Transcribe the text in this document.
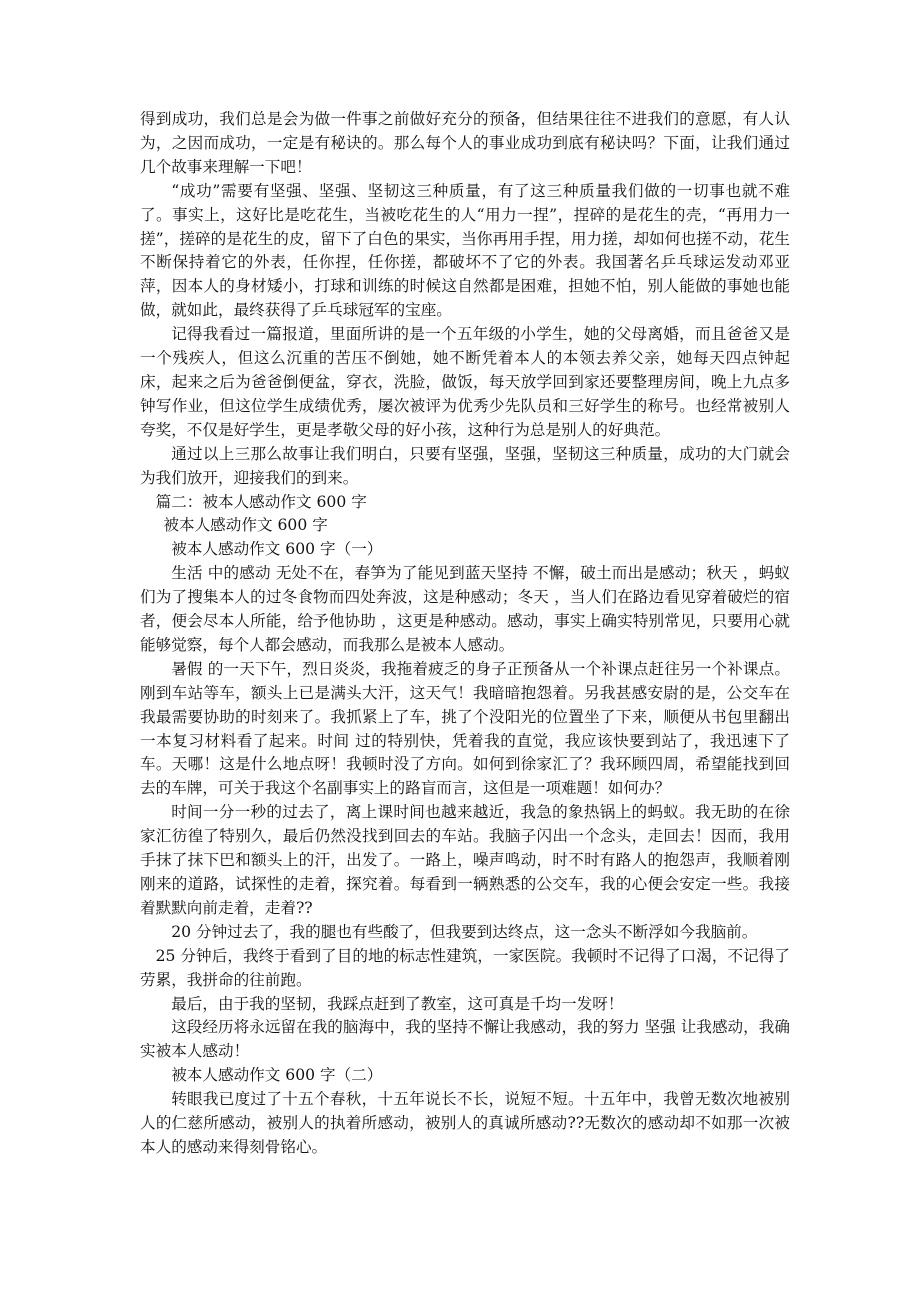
得到成功，我们总是会为做一件事之前做好充分的预备，但结果往往不进我们的意愿，有人认为，之因而成功，一定是有秘诀的。那么每个人的事业成功到底有秘诀吗？下面，让我们通过几个故事来理解一下吧！

“成功”需要有坚强、坚强、坚韧这三种质量，有了这三种质量我们做的一切事也就不难了。事实上，这好比是吃花生，当被吃花生的人“用力一捏”，捏碎的是花生的壳，“再用力一搓”，搓碎的是花生的皮，留下了白色的果实，当你再用手捏，用力搓，却如何也搓不动，花生不断保持着它的外表，任你捏，任你搓，都破坏不了它的外表。我国著名乒乓球运发动邓亚萍，因本人的身材矮小，打球和训练的时候这自然都是困难，担她不怕，别人能做的事她也能做，就如此，最终获得了乒乓球冠军的宝座。

记得我看过一篇报道，里面所讲的是一个五年级的小学生，她的父母离婚，而且爸爸又是一个残疾人，但这么沉重的苦压不倒她，她不断凭着本人的本领去养父亲，她每天四点钟起床，起来之后为爸爸倒便盆，穿衣，洗脸，做饭，每天放学回到家还要整理房间，晚上九点多钟写作业，但这位学生成绩优秀，屡次被评为优秀少先队员和三好学生的称号。也经常被别人夸奖，不仅是好学生，更是孝敬父母的好小孩，这种行为总是别人的好典范。

通过以上三那么故事让我们明白，只要有坚强，坚强，坚韧这三种质量，成功的大门就会为我们放开，迎接我们的到来。

篇二：被本人感动作文 600 字

被本人感动作文 600 字

被本人感动作文 600 字（一）

生活 中的感动 无处不在，春笋为了能见到蓝天坚持 不懈，破土而出是感动；秋天 ，蚂蚁们为了搜集本人的过冬食物而四处奔波，这是种感动；冬天 ，当人们在路边看见穿着破烂的宿者，便会尽本人所能，给予他协助 ，这更是种感动。感动，事实上确实特别常见，只要用心就能够觉察，每个人都会感动，而我那么是被本人感动。

暑假 的一天下午，烈日炎炎，我拖着疲乏的身子正预备从一个补课点赶往另一个补课点。刚到车站等车，额头上已是满头大汗，这天气！我暗暗抱怨着。另我甚感安尉的是，公交车在我最需要协助的时刻来了。我抓紧上了车，挑了个没阳光的位置坐了下来，顺便从书包里翻出一本复习材料看了起来。时间 过的特别快，凭着我的直觉，我应该快要到站了，我迅速下了车。天哪！这是什么地点呀！我顿时没了方向。如何到徐家汇了？我环顾四周，希望能找到回去的车牌，可关于我这个名副事实上的路盲而言，这但是一项难题！如何办？

时间一分一秒的过去了，离上课时间也越来越近，我急的象热锅上的蚂蚁。我无助的在徐家汇彷徨了特别久，最后仍然没找到回去的车站。我脑子闪出一个念头，走回去！因而，我用手抹了抹下巴和额头上的汗，出发了。一路上，噪声鸣动，时不时有路人的抱怨声，我顺着刚刚来的道路，试探性的走着，探究着。每看到一辆熟悉的公交车，我的心便会安定一些。我接着默默向前走着，走着??

20 分钟过去了，我的腿也有些酸了，但我要到达终点，这一念头不断浮如今我脑前。

25 分钟后，我终于看到了目的地的标志性建筑，一家医院。我顿时不记得了口渴，不记得了劳累，我拼命的往前跑。

最后，由于我的坚韧，我踩点赶到了教室，这可真是千均一发呀！

这段经历将永远留在我的脑海中，我的坚持不懈让我感动，我的努力 坚强 让我感动，我确实被本人感动！

被本人感动作文 600 字（二）

转眼我已度过了十五个春秋，十五年说长不长，说短不短。十五年中，我曾无数次地被别人的仁慈所感动，被别人的执着所感动，被别人的真诚所感动??无数次的感动却不如那一次被本人的感动来得刻骨铭心。
